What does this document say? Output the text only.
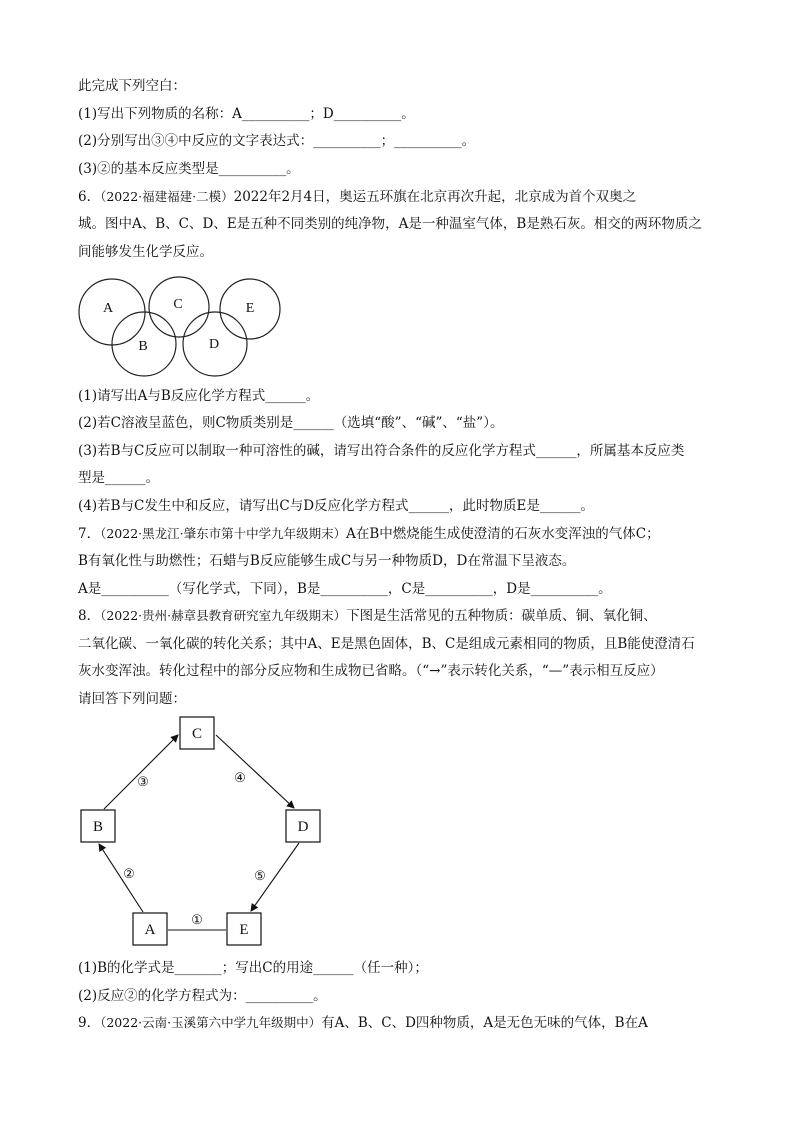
此完成下列空白：
(1)写出下列物质的名称：A__________；D__________。
(2)分别写出③④中反应的文字表达式：__________；__________。
(3)②的基本反应类型是__________。
6．（2022·福建福建·二模）2022年2月4日，奥运五环旗在北京再次升起，北京成为首个双奥之
城。图中A、B、C、D、E是五种不同类别的纯净物，A是一种温室气体，B是熟石灰。相交的两环物质之
间能够发生化学反应。
A	C	E
B	D
(1)请写出A与B反应化学方程式______。
(2)若C溶液呈蓝色，则C物质类别是______（选填“酸”、“碱”、“盐”）。
(3)若B与C反应可以制取一种可溶性的碱，请写出符合条件的反应化学方程式______，所属基本反应类
型是______。
(4)若B与C发生中和反应，请写出C与D反应化学方程式______，此时物质E是______。
7．（2022·黑龙江·肇东市第十中学九年级期末）A在B中燃烧能生成使澄清的石灰水变浑浊的气体C；
B有氧化性与助燃性；石蜡与B反应能够生成C与另一种物质D，D在常温下呈液态。
A是__________（写化学式，下同），B是__________，C是__________，D是__________。
8．（2022·贵州·赫章县教育研究室九年级期末）下图是生活常见的五种物质：碳单质、铜、氧化铜、
二氧化碳、一氧化碳的转化关系；其中A、E是黑色固体，B、C是组成元素相同的物质，且B能使澄清石
灰水变浑浊。转化过程中的部分反应物和生成物已省略。（“→”表示转化关系，“—”表示相互反应）
请回答下列问题：
C
B	D
A	E
③	④
②	⑤
①
(1)B的化学式是_______；写出C的用途______（任一种）；
(2)反应②的化学方程式为：__________。
9．（2022·云南·玉溪第六中学九年级期中）有A、B、C、D四种物质，A是无色无味的气体，B在A
